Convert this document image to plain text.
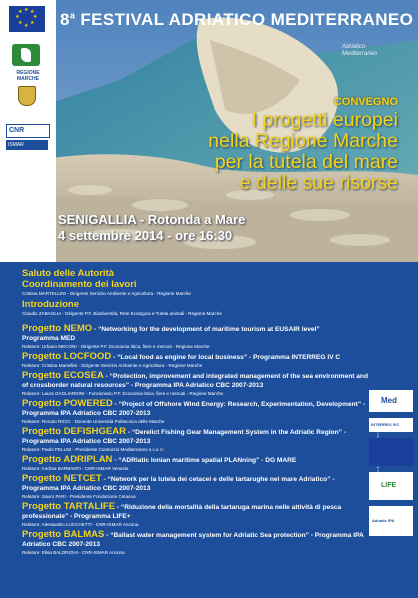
★ ★
★
★
★
★
★
★
REGIONE
MARCHE
CNR
ISMAR
8$^a$ FESTIVAL ADRIATICO MEDITERRANEO
Adriatico
Mediterraneo
CONVEGNO
I progetti europei
nella Regione Marche
per la tutela del mare
e delle sue risorse
SENIGALLIA - Rotonda a Mare
4 settembre 2014 - ore 16:30
Saluto delle Autorità
Coordinamento dei lavori
Cristina MARTELLINI - Dirigente Servizio Ambiente e Agricoltura - Regione Marche
Introduzione
Claudio ZABAGLIA - Dirigente P.F. Biodiversità, Rete Ecologica e Tutela animali - Regione Marche
Progetto NEMO - “Networking for the development of maritime tourism at EUSAIR level”
Programma MED
Relatore: Urbano MECONI - Dirigente P.F. Economia ittica, fiere e mercati - Regione Marche
Progetto LOCFOOD - “Local food as engine for local business” - Programma INTERREG IV C
Relatore: Cristina Martellini - Dirigente Servizio Ambiente e Agricoltura - Regione Marche
Progetto ECOSEA - “Protection, improvement and integrated management of the sea environment and of crossborder natural resources” - Programma IPA Adriatico CBC 2007-2013
Relatore: Laura GAGLIARDINI - Funzionario P.F. Economia ittica, fiere e mercati - Regione Marche
Progetto POWERED - “Project of Offshore Wind Energy: Research, Experimentation, Development” - Programma IPA Adriatico CBC 2007-2013
Relatore: Renato RICCI - Docente Università Politecnica delle Marche
Progetto DEFISHGEAR - “Derelict Fishing Gear Management System in the Adriatic Region” - Programma IPA Adriatico CBC 2007-2013
Relatore: Paolo PELUSI - Presidente Consorzio Mediterraneo s.c.a r.l.
Progetto ADRIPLAN - “ADRiatic Ionian maritime spatial PLANning” - DG MARE
Relatore: Andrea BARBANTI - CNR-ISMAR Venezia
Progetto NETCET - “Network per la tutela dei cetacei e delle tartarughe nel mare Adriatico” - Programma IPA Adriatico CBC 2007-2013
Relatore: Sauro PARI - Presidente Fondazione Cetacea
Progetto TARTALIFE - “Riduzione della mortalità della tartaruga marina nelle attività di pesca professionale” - Programma LIFE+
Relatore: Alessandro LUCCHETTI - CNR-ISMAR Ancona
Progetto BALMAS - “Ballast water management system for Adriatic Sea protection” - Programma IPA Adriatico CBC 2007-2013
Relatore: Elisa BALDRIGHI - CNR-ISMAR Ancona
di: Marche
Med
INTERREG IVC
LIFE
Adriatic IPA
